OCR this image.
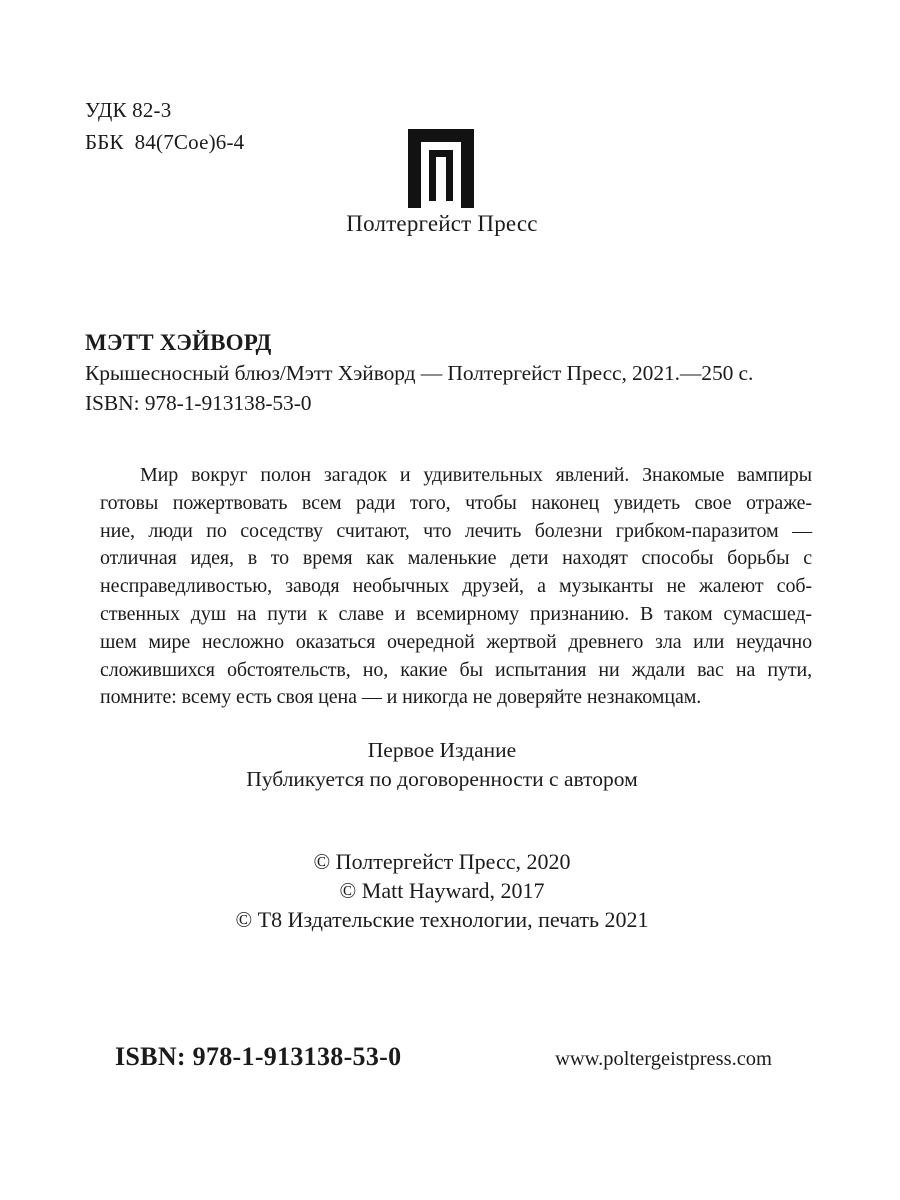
УДК 82-3
ББК  84(7Сое)6-4
Полтергейст Пресс
МЭТТ ХЭЙВОРД
Крышесносный блюз/Мэтт Хэйворд — Полтергейст Пресс, 2021.—250 с.
ISBN: 978-1-913138-53-0
Мир вокруг полон загадок и удивительных явлений. Знакомые вампиры
готовы пожертвовать всем ради того, чтобы наконец увидеть свое отраже-
ние, люди по соседству считают, что лечить болезни грибком-паразитом —
отличная идея, в то время как маленькие дети находят способы борьбы с
несправедливостью, заводя необычных друзей, а музыканты не жалеют соб-
ственных душ на пути к славе и всемирному признанию. В таком сумасшед-
шем мире несложно оказаться очередной жертвой древнего зла или неудачно
сложившихся обстоятельств, но, какие бы испытания ни ждали вас на пути,
помните: всему есть своя цена — и никогда не доверяйте незнакомцам.
Первое Издание
Публикуется по договоренности с автором

© Полтергейст Пресс, 2020

© Matt Hayward, 2017

© Т8 Издательские технологии, печать 2021

ISBN: 978-1-913138-53-0	www.poltergeistpress.com
